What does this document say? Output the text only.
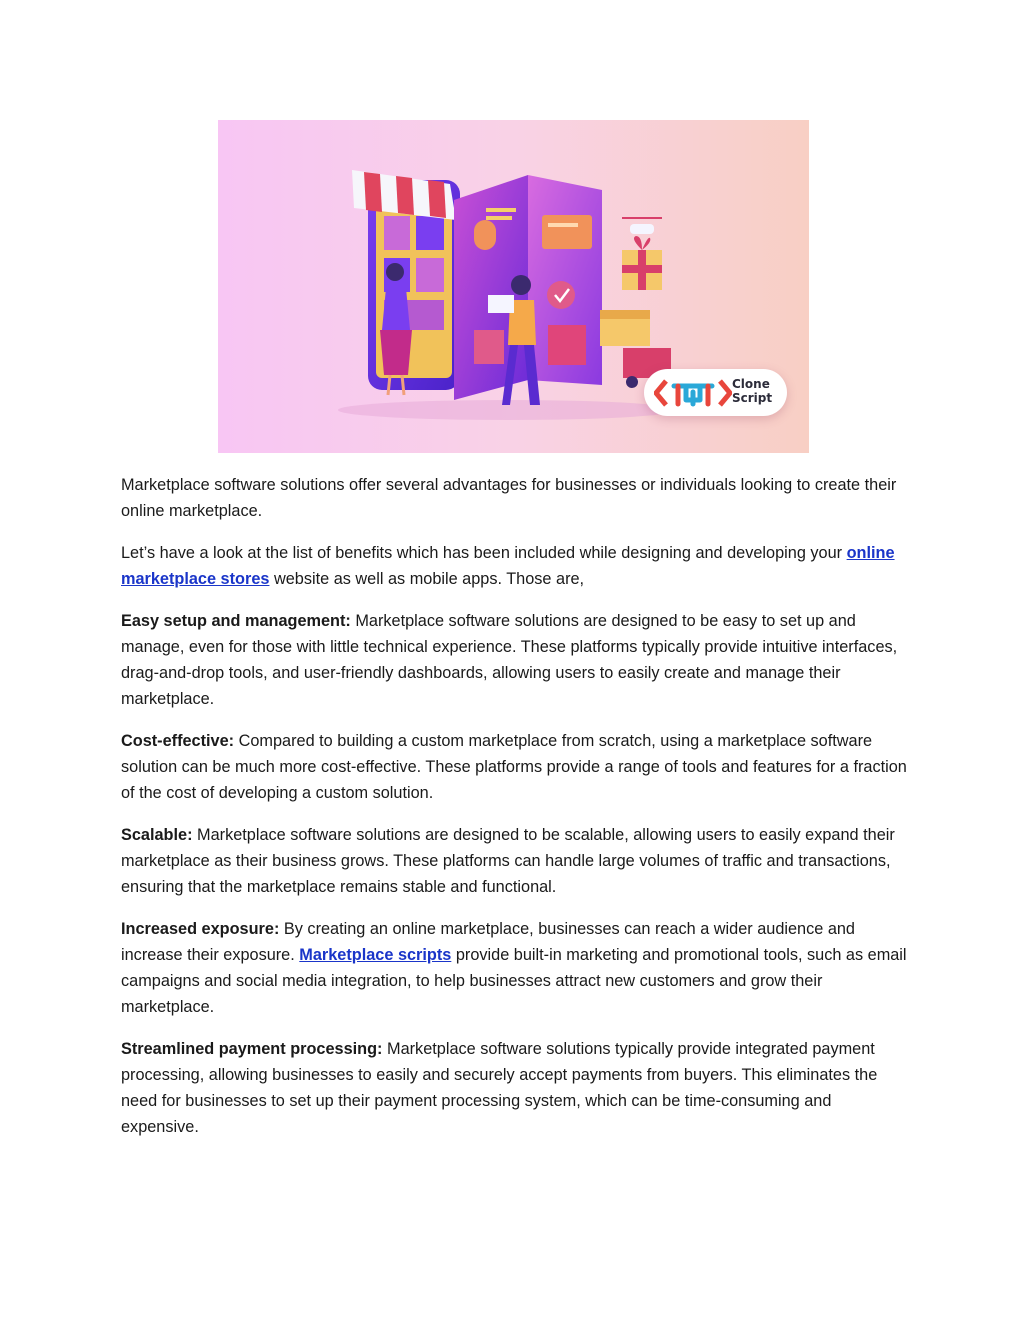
Clone
Script

Marketplace software solutions offer several advantages for businesses or individuals looking to create their online marketplace.

Let’s have a look at the list of benefits which has been included while designing and developing your online marketplace stores website as well as mobile apps. Those are,

Easy setup and management: Marketplace software solutions are designed to be easy to set up and manage, even for those with little technical experience. These platforms typically provide intuitive interfaces, drag-and-drop tools, and user-friendly dashboards, allowing users to easily create and manage their marketplace.

Cost-effective: Compared to building a custom marketplace from scratch, using a marketplace software solution can be much more cost-effective. These platforms provide a range of tools and features for a fraction of the cost of developing a custom solution.

Scalable: Marketplace software solutions are designed to be scalable, allowing users to easily expand their marketplace as their business grows. These platforms can handle large volumes of traffic and transactions, ensuring that the marketplace remains stable and functional.

Increased exposure: By creating an online marketplace, businesses can reach a wider audience and increase their exposure. Marketplace scripts provide built-in marketing and promotional tools, such as email campaigns and social media integration, to help businesses attract new customers and grow their marketplace.

Streamlined payment processing: Marketplace software solutions typically provide integrated payment processing, allowing businesses to easily and securely accept payments from buyers. This eliminates the need for businesses to set up their payment processing system, which can be time-consuming and expensive.
